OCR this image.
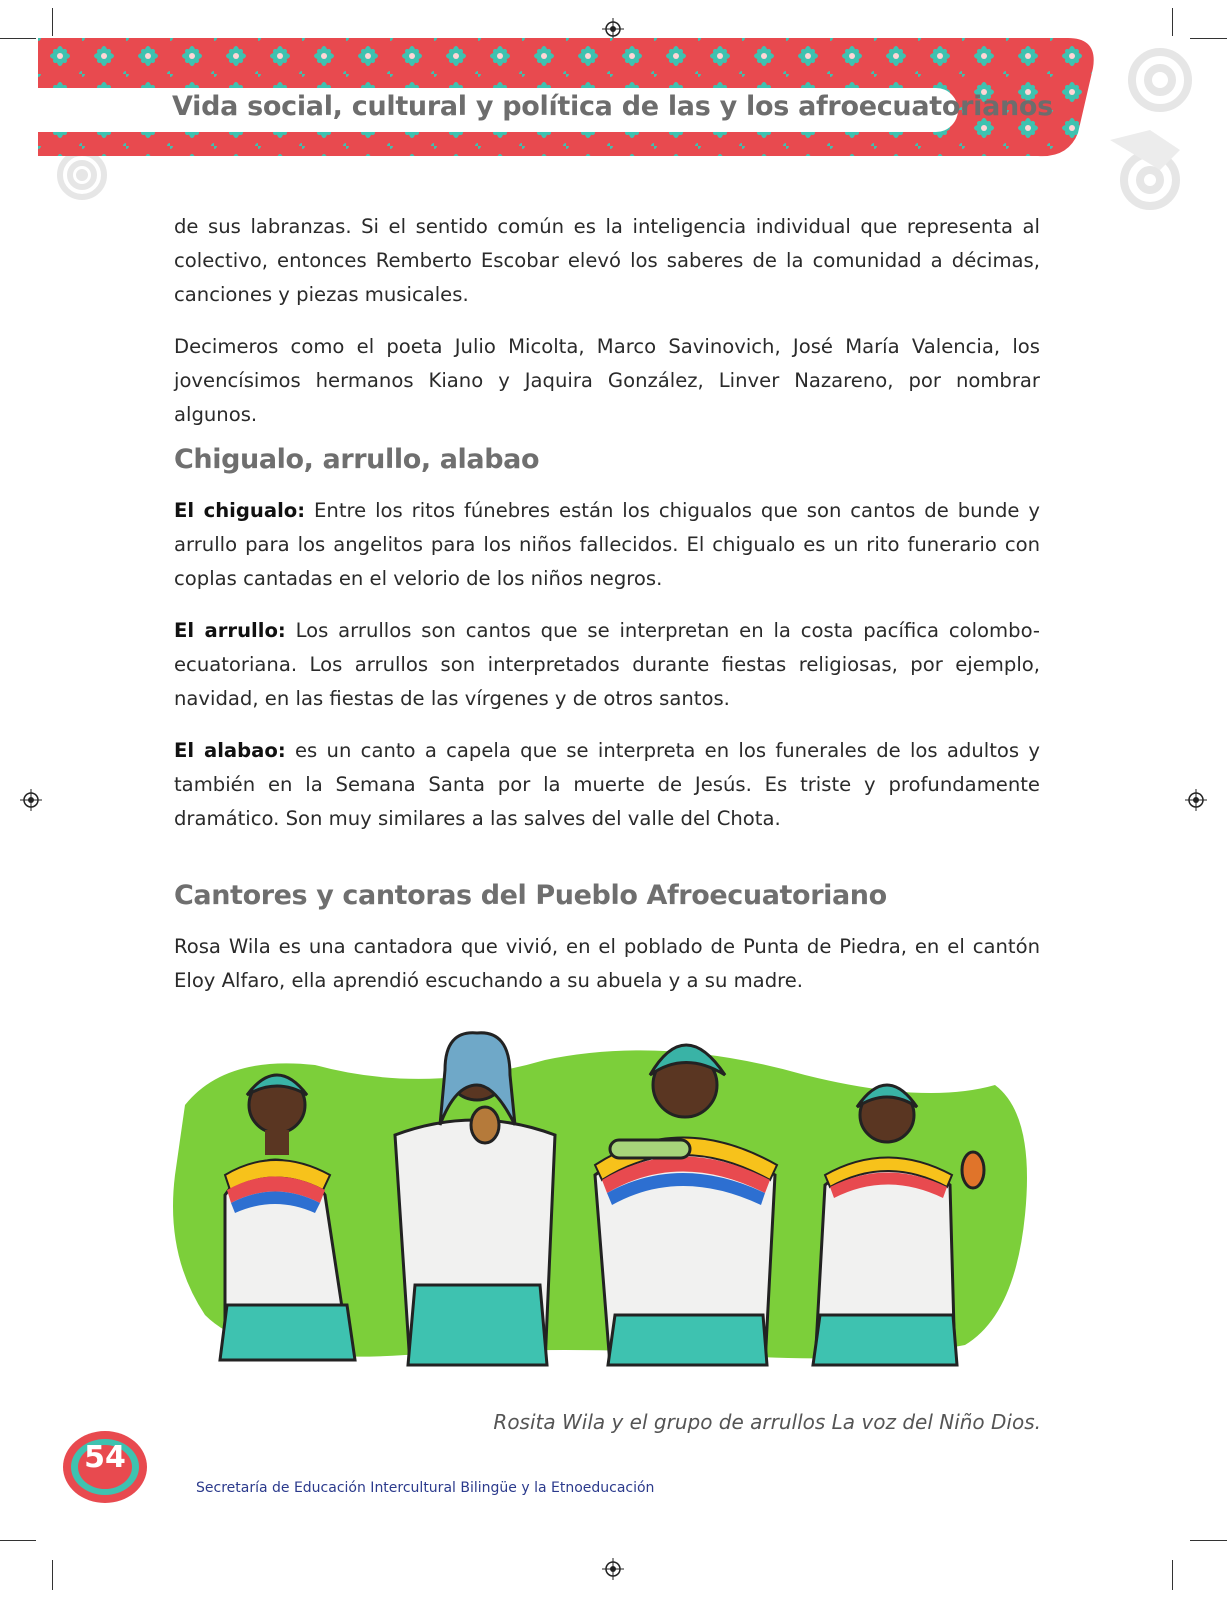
Vida social, cultural y política de las y los afroecuatorianos

de sus labranzas. Si el sentido común es la inteligencia individual que representa al colectivo, entonces Remberto Escobar elevó los saberes de la comunidad a décimas, canciones y piezas musicales.

Decimeros como el poeta Julio Micolta, Marco Savinovich, José María Valencia, los jovencísimos hermanos Kiano y Jaquira González, Linver Nazareno, por nombrar algunos.

Chigualo, arrullo, alabao

El chigualo: Entre los ritos fúnebres están los chigualos que son cantos de bunde y arrullo para los angelitos para los niños fallecidos. El chigualo es un rito funerario con coplas cantadas en el velorio de los niños negros.

El arrullo: Los arrullos son cantos que se interpretan en la costa pacífica colombo-ecuatoriana. Los arrullos son interpretados durante fiestas religiosas, por ejemplo, navidad, en las fiestas de las vírgenes y de otros santos.

El alabao: es un canto a capela que se interpreta en los funerales de los adultos y también en la Semana Santa por la muerte de Jesús. Es triste y profundamente dramático. Son muy similares a las salves del valle del Chota.

Cantores y cantoras del Pueblo Afroecuatoriano

Rosa Wila es una cantadora que vivió, en el poblado de Punta de Piedra, en el cantón Eloy Alfaro, ella aprendió escuchando a su abuela y a su madre.

Rosita Wila y el grupo de arrullos La voz del Niño Dios.
54
Secretaría de Educación Intercultural Bilingüe y la Etnoeducación
